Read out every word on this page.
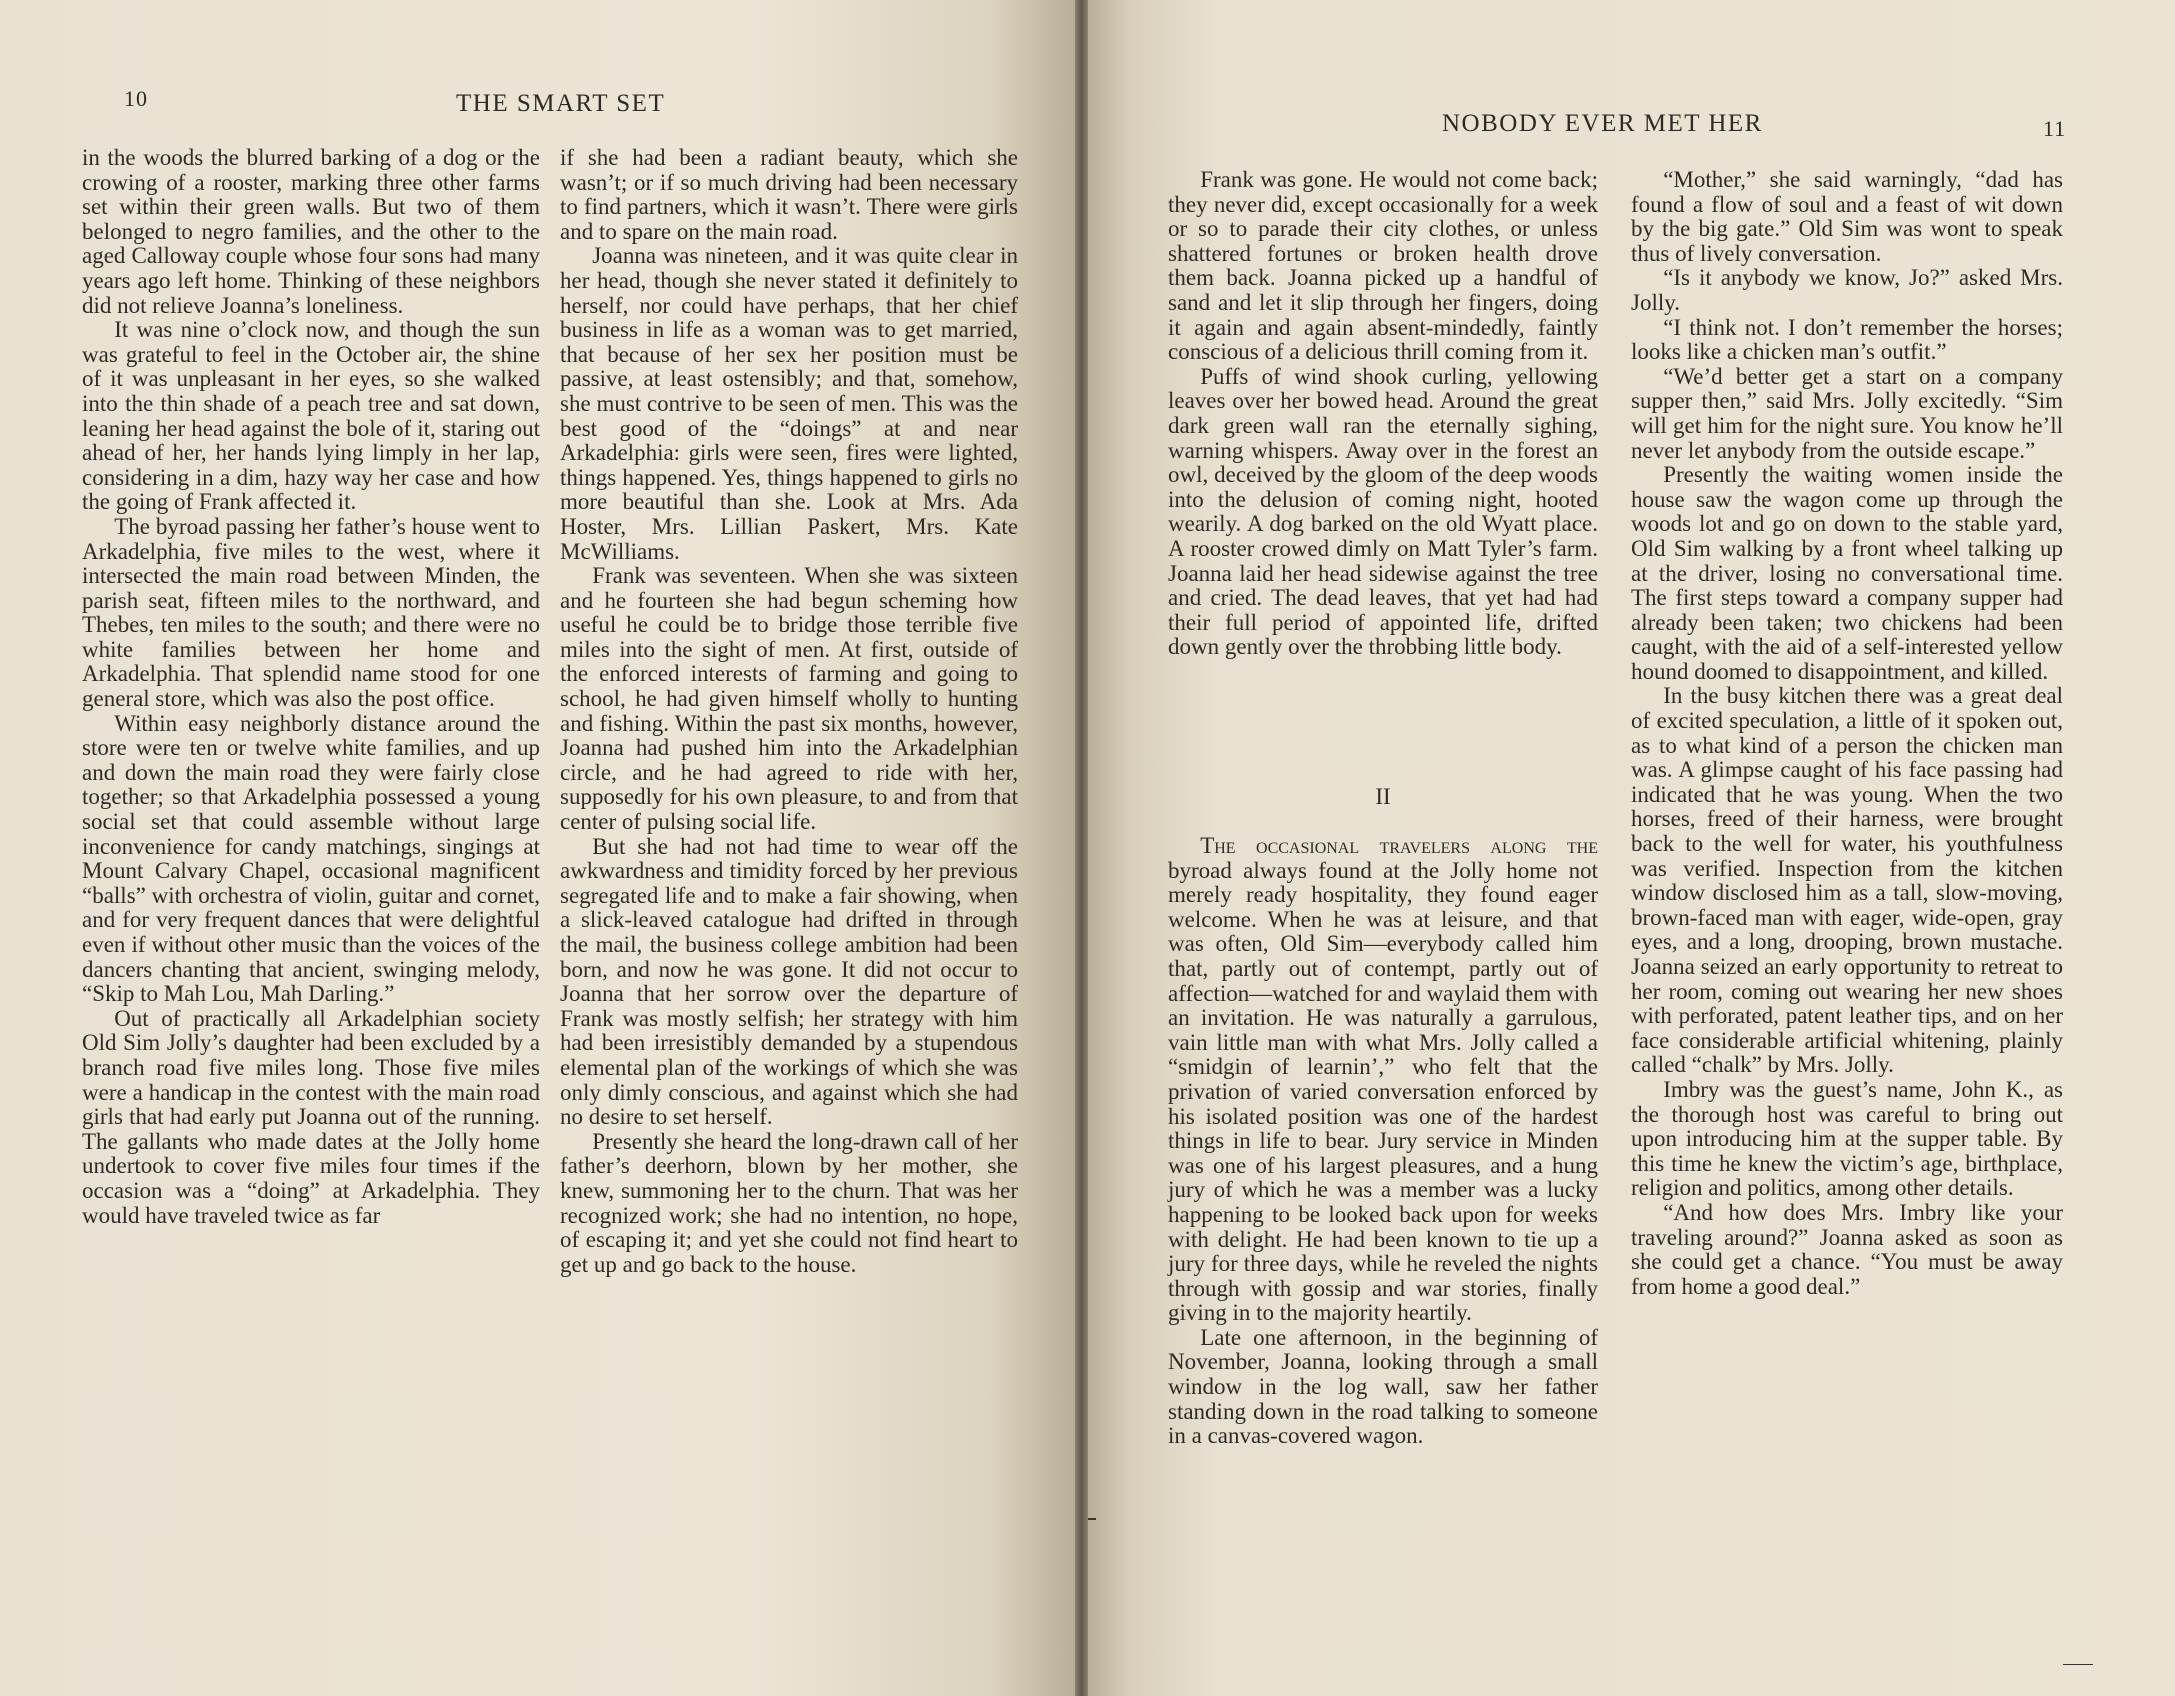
10	THE SMART SET

in the woods the blurred barking of a dog or the crowing of a rooster, marking three other farms set within their green walls. But two of them belonged to negro families, and the other to the aged Calloway couple whose four sons had many years ago left home. Thinking of these neighbors did not relieve Joanna’s loneliness.

It was nine o’clock now, and though the sun was grateful to feel in the October air, the shine of it was unpleasant in her eyes, so she walked into the thin shade of a peach tree and sat down, leaning her head against the bole of it, staring out ahead of her, her hands lying limply in her lap, considering in a dim, hazy way her case and how the going of Frank affected it.

The byroad passing her father’s house went to Arkadelphia, five miles to the west, where it intersected the main road between Minden, the parish seat, fifteen miles to the northward, and Thebes, ten miles to the south; and there were no white families between her home and Arkadelphia. That splendid name stood for one general store, which was also the post office.

Within easy neighborly distance around the store were ten or twelve white families, and up and down the main road they were fairly close together; so that Arkadelphia possessed a young social set that could assemble without large inconvenience for candy matchings, singings at Mount Calvary Chapel, occasional magnificent “balls” with orchestra of violin, guitar and cornet, and for very frequent dances that were delightful even if without other music than the voices of the dancers chanting that ancient, swinging melody, “Skip to Mah Lou, Mah Darling.”

Out of practically all Arkadelphian society Old Sim Jolly’s daughter had been excluded by a branch road five miles long. Those five miles were a handicap in the contest with the main road girls that had early put Joanna out of the running. The gallants who made dates at the Jolly home undertook to cover five miles four times if the occasion was a “doing” at Arkadelphia. They would have traveled twice as far

if she had been a radiant beauty, which she wasn’t; or if so much driving had been necessary to find partners, which it wasn’t. There were girls and to spare on the main road.

Joanna was nineteen, and it was quite clear in her head, though she never stated it definitely to herself, nor could have perhaps, that her chief business in life as a woman was to get married, that because of her sex her position must be passive, at least ostensibly; and that, somehow, she must contrive to be seen of men. This was the best good of the “doings” at and near Arkadelphia: girls were seen, fires were lighted, things happened. Yes, things happened to girls no more beautiful than she. Look at Mrs. Ada Hoster, Mrs. Lillian Paskert, Mrs. Kate McWilliams.

Frank was seventeen. When she was sixteen and he fourteen she had begun scheming how useful he could be to bridge those terrible five miles into the sight of men. At first, outside of the enforced interests of farming and going to school, he had given himself wholly to hunting and fishing. Within the past six months, however, Joanna had pushed him into the Arkadelphian circle, and he had agreed to ride with her, supposedly for his own pleasure, to and from that center of pulsing social life.

But she had not had time to wear off the awkwardness and timidity forced by her previous segregated life and to make a fair showing, when a slick-leaved catalogue had drifted in through the mail, the business college ambition had been born, and now he was gone. It did not occur to Joanna that her sorrow over the departure of Frank was mostly selfish; her strategy with him had been irresistibly demanded by a stupendous elemental plan of the workings of which she was only dimly conscious, and against which she had no desire to set herself.

Presently she heard the long-drawn call of her father’s deerhorn, blown by her mother, she knew, summoning her to the churn. That was her recognized work; she had no intention, no hope, of escaping it; and yet she could not find heart to get up and go back to the house.

NOBODY EVER MET HER	11

Frank was gone. He would not come back; they never did, except occasionally for a week or so to parade their city clothes, or unless shattered fortunes or broken health drove them back. Joanna picked up a handful of sand and let it slip through her fingers, doing it again and again absent-mindedly, faintly conscious of a delicious thrill coming from it.

Puffs of wind shook curling, yellowing leaves over her bowed head. Around the great dark green wall ran the eternally sighing, warning whispers. Away over in the forest an owl, deceived by the gloom of the deep woods into the delusion of coming night, hooted wearily. A dog barked on the old Wyatt place. A rooster crowed dimly on Matt Tyler’s farm. Joanna laid her head sidewise against the tree and cried. The dead leaves, that yet had had their full period of appointed life, drifted down gently over the throbbing little body.

II

The occasional travelers along the byroad always found at the Jolly home not merely ready hospitality, they found eager welcome. When he was at leisure, and that was often, Old Sim—everybody called him that, partly out of contempt, partly out of affection—watched for and waylaid them with an invitation. He was naturally a garrulous, vain little man with what Mrs. Jolly called a “smidgin of learnin’,” who felt that the privation of varied conversation enforced by his isolated position was one of the hardest things in life to bear. Jury service in Minden was one of his largest pleasures, and a hung jury of which he was a member was a lucky happening to be looked back upon for weeks with delight. He had been known to tie up a jury for three days, while he reveled the nights through with gossip and war stories, finally giving in to the majority heartily.

Late one afternoon, in the beginning of November, Joanna, looking through a small window in the log wall, saw her father standing down in the road talking to someone in a canvas-covered wagon.

“Mother,” she said warningly, “dad has found a flow of soul and a feast of wit down by the big gate.” Old Sim was wont to speak thus of lively conversation.

“Is it anybody we know, Jo?” asked Mrs. Jolly.

“I think not. I don’t remember the horses; looks like a chicken man’s outfit.”

“We’d better get a start on a company supper then,” said Mrs. Jolly excitedly. “Sim will get him for the night sure. You know he’ll never let anybody from the outside escape.”

Presently the waiting women inside the house saw the wagon come up through the woods lot and go on down to the stable yard, Old Sim walking by a front wheel talking up at the driver, losing no conversational time. The first steps toward a company supper had already been taken; two chickens had been caught, with the aid of a self-interested yellow hound doomed to disappointment, and killed.

In the busy kitchen there was a great deal of excited speculation, a little of it spoken out, as to what kind of a person the chicken man was. A glimpse caught of his face passing had indicated that he was young. When the two horses, freed of their harness, were brought back to the well for water, his youthfulness was verified. Inspection from the kitchen window disclosed him as a tall, slow-moving, brown-faced man with eager, wide-open, gray eyes, and a long, drooping, brown mustache. Joanna seized an early opportunity to retreat to her room, coming out wearing her new shoes with perforated, patent leather tips, and on her face considerable artificial whitening, plainly called “chalk” by Mrs. Jolly.

Imbry was the guest’s name, John K., as the thorough host was careful to bring out upon introducing him at the supper table. By this time he knew the victim’s age, birthplace, religion and politics, among other details.

“And how does Mrs. Imbry like your traveling around?” Joanna asked as soon as she could get a chance. “You must be away from home a good deal.”
